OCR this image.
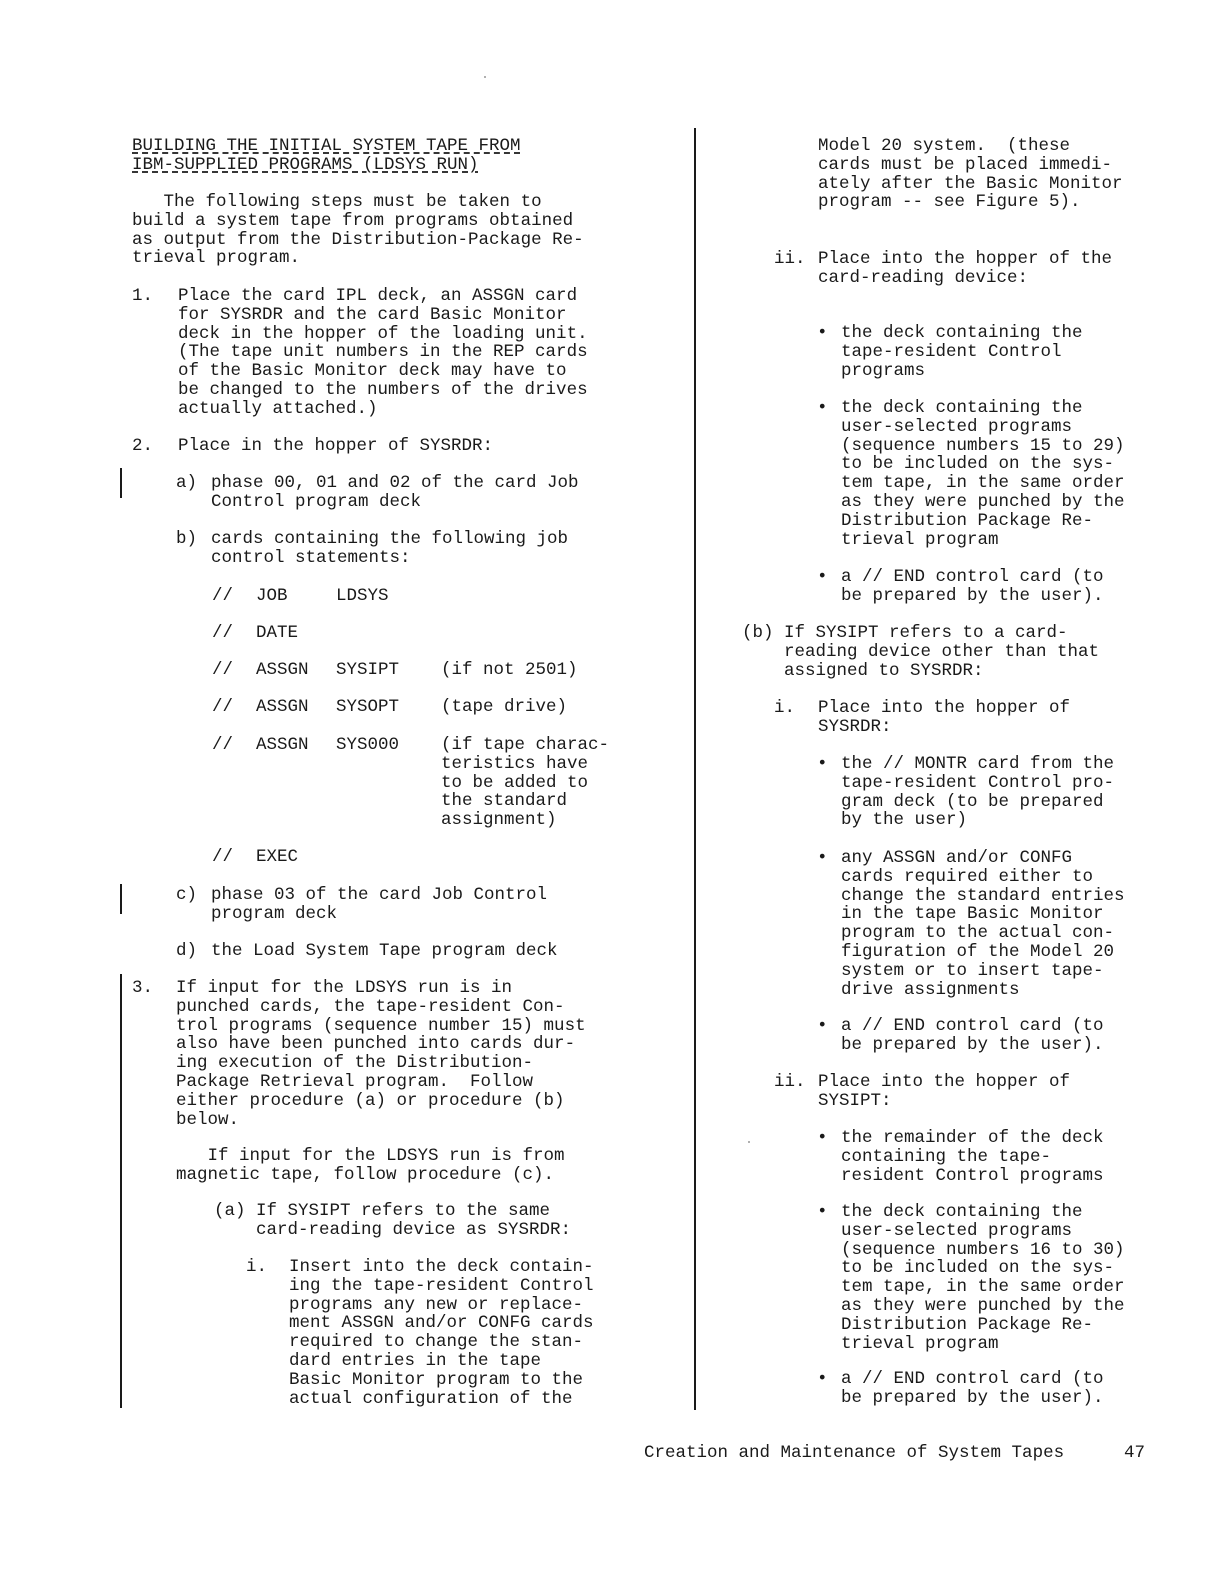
BUILDING THE INITIAL SYSTEM TAPE FROM
IBM-SUPPLIED PROGRAMS (LDSYS RUN)
The following steps must be taken to
build a system tape from programs obtained
as output from the Distribution-Package Re-
trieval program.
1. Place the card IPL deck, an ASSGN card
for SYSRDR and the card Basic Monitor
deck in the hopper of the loading unit.
(The tape unit numbers in the REP cards
of the Basic Monitor deck may have to
be changed to the numbers of the drives
actually attached.)
2. Place in the hopper of SYSRDR:
a) phase 00, 01 and 02 of the card Job
Control program deck
b) cards containing the following job
control statements:
// JOB	LDSYS
// DATE
// ASSGN SYSIPT (if not 2501)
// ASSGN SYSOPT (tape drive)
// ASSGN SYS000 (if tape charac-
teristics have
to be added to
the standard
assignment)
// EXEC
c) phase 03 of the card Job Control
program deck
d) the Load System Tape program deck
3. If input for the LDSYS run is in
punched cards, the tape-resident Con-
trol programs (sequence number 15) must
also have been punched into cards dur-
ing execution of the Distribution-
Package Retrieval program.  Follow
either procedure (a) or procedure (b)
below.
If input for the LDSYS run is from
magnetic tape, follow procedure (c).
(a) If SYSIPT refers to the same
card-reading device as SYSRDR:
i. Insert into the deck contain-
ing the tape-resident Control
programs any new or replace-
ment ASSGN and/or CONFG cards
required to change the stan-
dard entries in the tape
Basic Monitor program to the
actual configuration of the
Model 20 system.  (these
cards must be placed immedi-
ately after the Basic Monitor
program -- see Figure 5).
ii. Place into the hopper of the
card-reading device:
• the deck containing the
tape-resident Control
programs
• the deck containing the
user-selected programs
(sequence numbers 15 to 29)
to be included on the sys-
tem tape, in the same order
as they were punched by the
Distribution Package Re-
trieval program
• a // END control card (to
be prepared by the user).
(b) If SYSIPT refers to a card-
reading device other than that
assigned to SYSRDR:
i. Place into the hopper of
SYSRDR:
• the // MONTR card from the
tape-resident Control pro-
gram deck (to be prepared
by the user)
• any ASSGN and/or CONFG
cards required either to
change the standard entries
in the tape Basic Monitor
program to the actual con-
figuration of the Model 20
system or to insert tape-
drive assignments
• a // END control card (to
be prepared by the user).
ii. Place into the hopper of
SYSIPT:
• the remainder of the deck
containing the tape-
resident Control programs
• the deck containing the
user-selected programs
(sequence numbers 16 to 30)
to be included on the sys-
tem tape, in the same order
as they were punched by the
Distribution Package Re-
trieval program
• a // END control card (to
be prepared by the user).
Creation and Maintenance of System Tapes	47
